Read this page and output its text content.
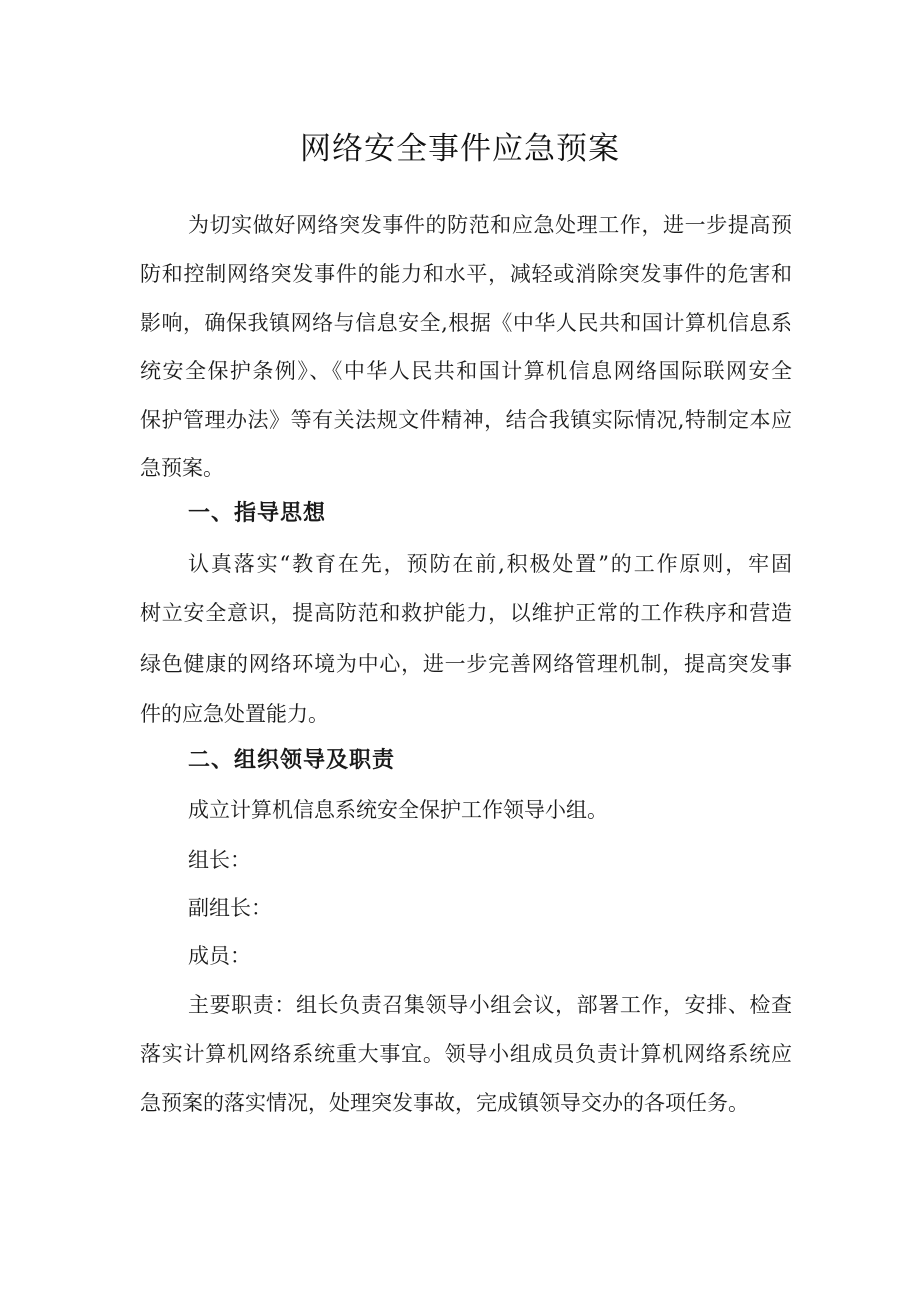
网络安全事件应急预案
为切实做好网络突发事件的防范和应急处理工作，进一步提高预
防和控制网络突发事件的能力和水平，减轻或消除突发事件的危害和
影响，确保我镇网络与信息安全,根据《中华人民共和国计算机信息系
统安全保护条例》、《中华人民共和国计算机信息网络国际联网安全
保护管理办法》等有关法规文件精神，结合我镇实际情况,特制定本应
急预案。
一、指导思想
认真落实“教育在先，预防在前,积极处置”的工作原则，牢固
树立安全意识，提高防范和救护能力，以维护正常的工作秩序和营造
绿色健康的网络环境为中心，进一步完善网络管理机制，提高突发事
件的应急处置能力。
二、组织领导及职责
成立计算机信息系统安全保护工作领导小组。
组长：
副组长：
成员：
主要职责：组长负责召集领导小组会议，部署工作，安排、检查
落实计算机网络系统重大事宜。领导小组成员负责计算机网络系统应
急预案的落实情况，处理突发事故，完成镇领导交办的各项任务。
